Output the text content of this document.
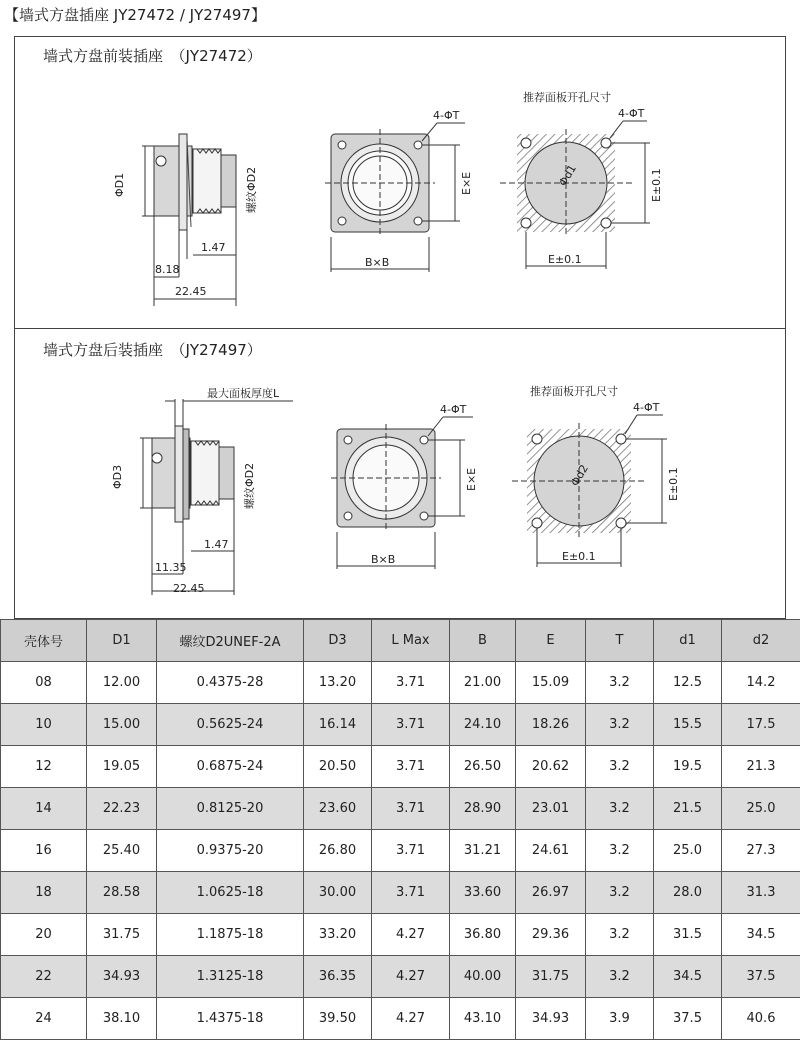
【墙式方盘插座 JY27472 / JY27497】
墙式方盘前装插座　（JY27472）
ΦD1	螺纹ΦD2
1.47
8.18
22.45
4-ΦT
E×E
B×B
推荐面板开孔尺寸
4-ΦT
Φd1	E±0.1
E±0.1
墙式方盘后装插座　（JY27497）
最大面板厚度L
ΦD3	螺纹ΦD2
1.47
11.35
22.45
4-ΦT
E×E
B×B
推荐面板开孔尺寸
4-ΦT
Φd2	E±0.1
E±0.1
壳体号	D1	螺纹D2UNEF-2A	D3	L Max	B	E	T	d1	d2
08	12.00	0.4375-28	13.20	3.71	21.00	15.09	3.2	12.5	14.2
10	15.00	0.5625-24	16.14	3.71	24.10	18.26	3.2	15.5	17.5
12	19.05	0.6875-24	20.50	3.71	26.50	20.62	3.2	19.5	21.3
14	22.23	0.8125-20	23.60	3.71	28.90	23.01	3.2	21.5	25.0
16	25.40	0.9375-20	26.80	3.71	31.21	24.61	3.2	25.0	27.3
18	28.58	1.0625-18	30.00	3.71	33.60	26.97	3.2	28.0	31.3
20	31.75	1.1875-18	33.20	4.27	36.80	29.36	3.2	31.5	34.5
22	34.93	1.3125-18	36.35	4.27	40.00	31.75	3.2	34.5	37.5
24	38.10	1.4375-18	39.50	4.27	43.10	34.93	3.9	37.5	40.6
